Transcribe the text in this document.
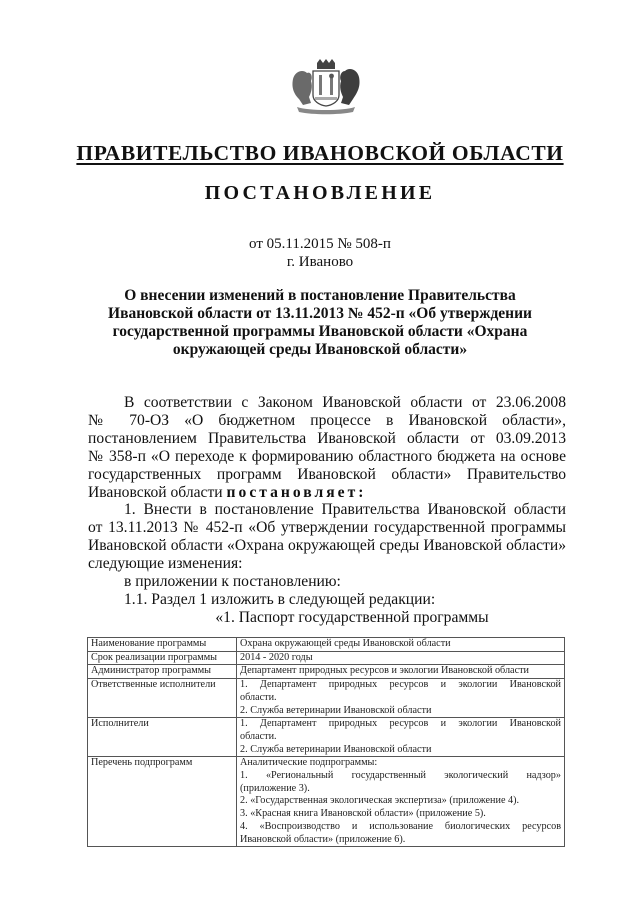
ПРАВИТЕЛЬСТВО ИВАНОВСКОЙ ОБЛАСТИ
ПОСТАНОВЛЕНИЕ
от 05.11.2015 № 508-п
г. Иваново
О внесении изменений в постановление Правительства
Ивановской области от 13.11.2013 № 452-п «Об утверждении
государственной программы Ивановской области «Охрана
окружающей среды Ивановской области»
В соответствии с Законом Ивановской области от 23.06.2008
№ 70-ОЗ «О бюджетном процессе в Ивановской области»,
постановлением Правительства Ивановской области от 03.09.2013
№ 358-п «О переходе к формированию областного бюджета на основе
государственных программ Ивановской области» Правительство
Ивановской области постановляет:
1. Внести в постановление Правительства Ивановской области
от 13.11.2013 № 452-п «Об утверждении государственной программы
Ивановской области «Охрана окружающей среды Ивановской области»
следующие изменения:
в приложении к постановлению:
1.1. Раздел 1 изложить в следующей редакции:
«1. Паспорт государственной программы
Наименование программы	Охрана окружающей среды Ивановской области
Срок реализации программы	2014 - 2020 годы
Администратор программы	Департамент природных ресурсов и экологии Ивановской области
Ответственные исполнители	1. Департамент природных ресурсов и экологии Ивановской
области.
2. Служба ветеринарии Ивановской области

Исполнители	1. Департамент природных ресурсов и экологии Ивановской
области.
2. Служба ветеринарии Ивановской области

Перечень подпрограмм	Аналитические подпрограммы:
1. «Региональный государственный экологический надзор»
(приложение 3).
2. «Государственная экологическая экспертиза» (приложение 4).
3. «Красная книга Ивановской области» (приложение 5).
4. «Воспроизводство и использование биологических ресурсов
Ивановской области» (приложение 6).
